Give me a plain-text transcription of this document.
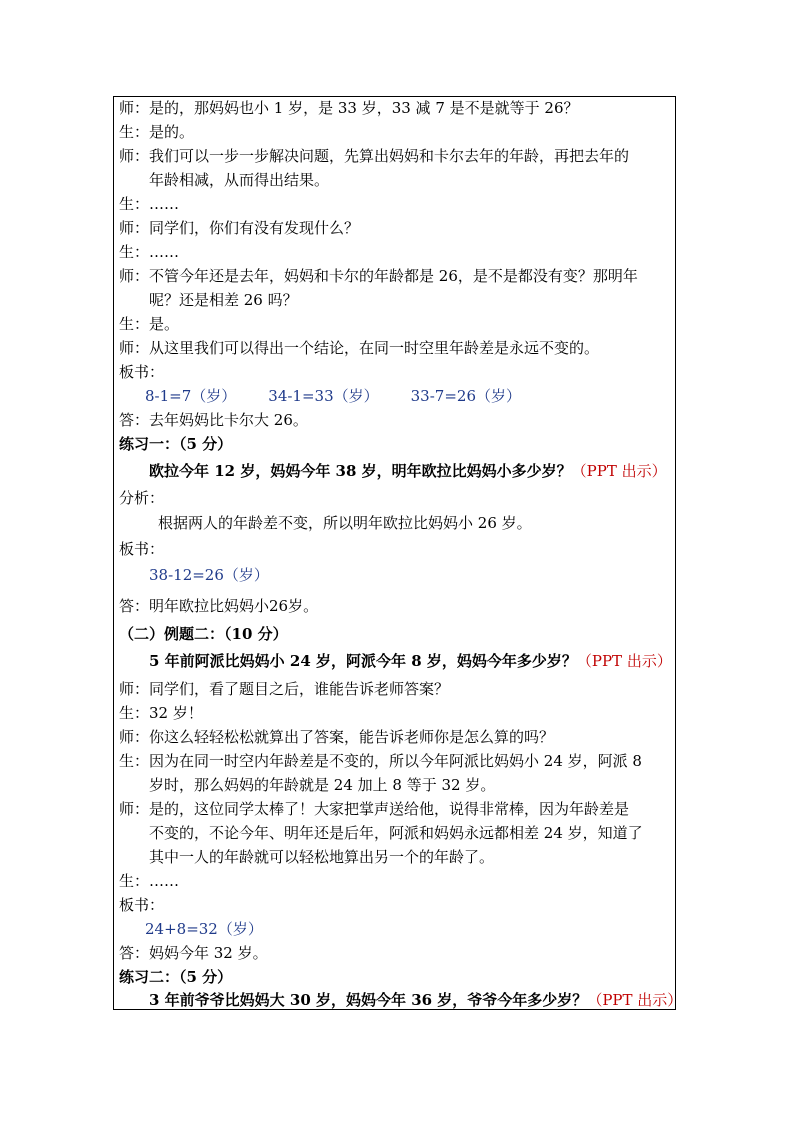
师：是的，那妈妈也小 1 岁，是 33 岁，33 减 7 是不是就等于 26？
生：是的。
师：我们可以一步一步解决问题，先算出妈妈和卡尔去年的年龄，再把去年的
年龄相减，从而得出结果。
生：……
师：同学们，你们有没有发现什么？
生：……
师：不管今年还是去年，妈妈和卡尔的年龄都是 26，是不是都没有变？那明年
呢？还是相差 26 吗？
生：是。
师：从这里我们可以得出一个结论，在同一时空里年龄差是永远不变的。
板书：
8-1=7（岁） 34-1=33（岁） 33-7=26（岁）
答：去年妈妈比卡尔大 26。
练习一：（5 分）
欧拉今年 12 岁，妈妈今年 38 岁，明年欧拉比妈妈小多少岁？（PPT 出示）
分析：
根据两人的年龄差不变，所以明年欧拉比妈妈小 26 岁。
板书：
38-12=26（岁）
答：明年欧拉比妈妈小26岁。
（二）例题二：（10 分）
5 年前阿派比妈妈小 24 岁，阿派今年 8 岁，妈妈今年多少岁？（PPT 出示）
师：同学们，看了题目之后，谁能告诉老师答案？
生：32 岁！
师：你这么轻轻松松就算出了答案，能告诉老师你是怎么算的吗？
生：因为在同一时空内年龄差是不变的，所以今年阿派比妈妈小 24 岁，阿派 8
岁时，那么妈妈的年龄就是 24 加上 8 等于 32 岁。
师：是的，这位同学太棒了！大家把掌声送给他，说得非常棒，因为年龄差是
不变的，不论今年、明年还是后年，阿派和妈妈永远都相差 24 岁，知道了
其中一人的年龄就可以轻松地算出另一个的年龄了。
生：……
板书：
24+8=32（岁）
答：妈妈今年 32 岁。
练习二：（5 分）
3 年前爷爷比妈妈大 30 岁，妈妈今年 36 岁，爷爷今年多少岁？（PPT 出示）
